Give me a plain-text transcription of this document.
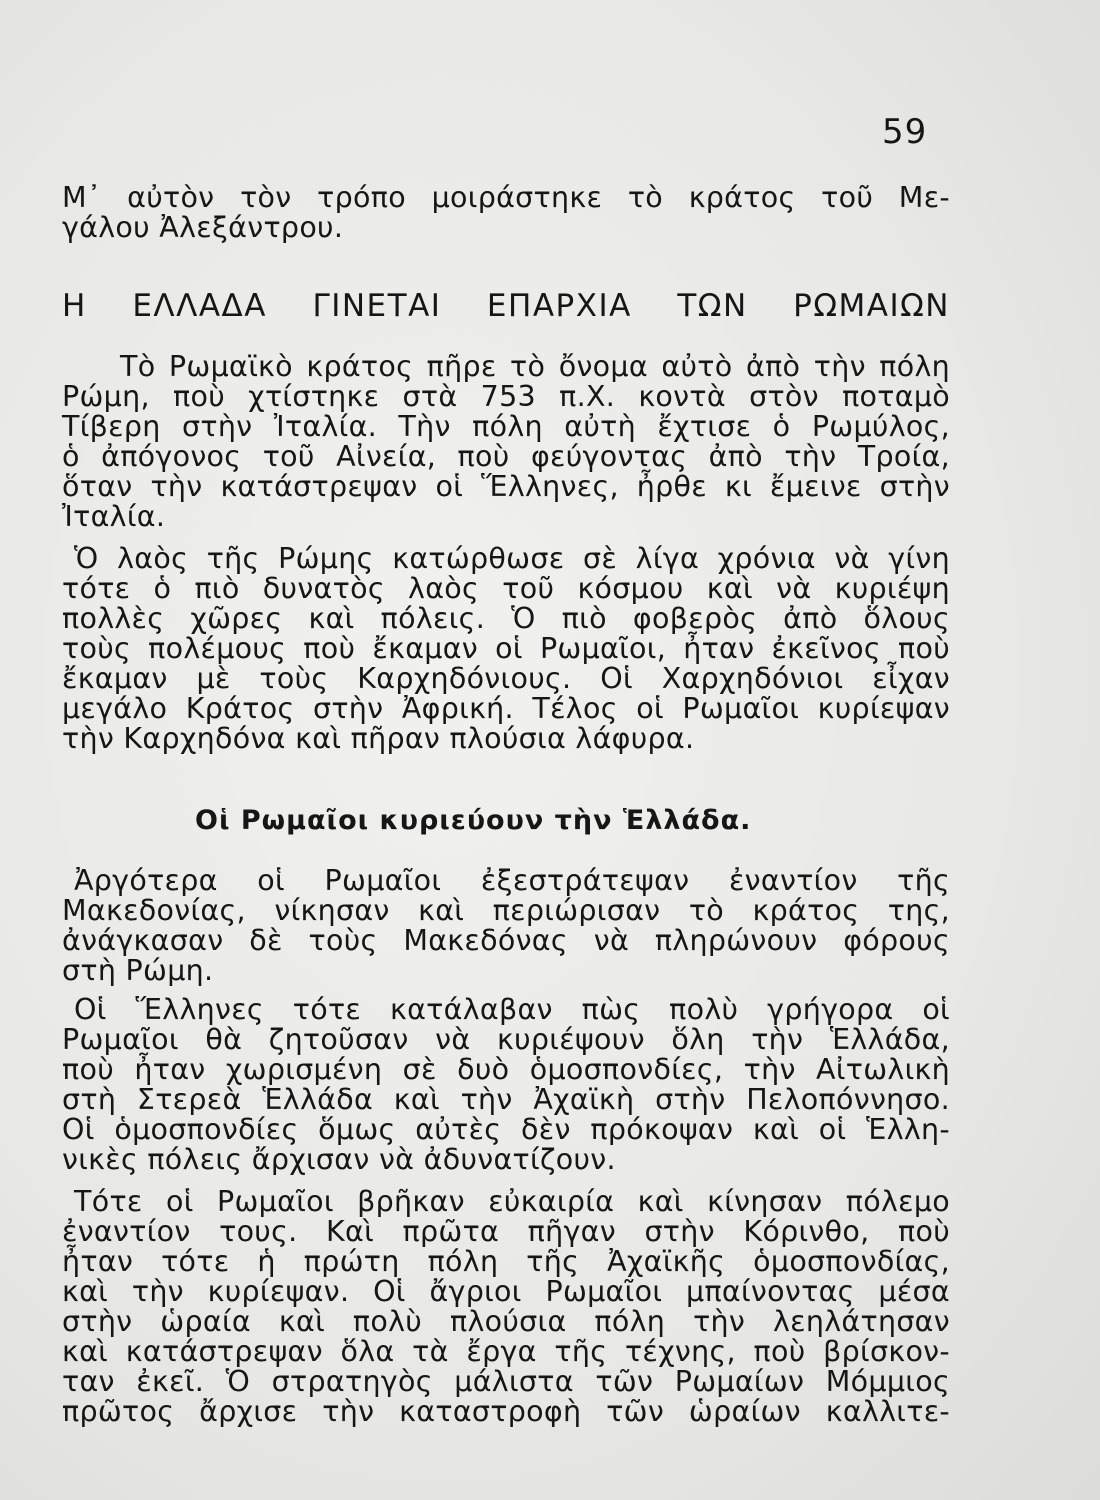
59
Μ᾽ αὐτὸν τὸν τρόπο μοιράστηκε τὸ κράτος τοῦ Με-
γάλου Ἀλεξάντρου.
Η ΕΛΛΑΔΑ ΓΙΝΕΤΑΙ ΕΠΑΡΧΙΑ ΤΩΝ ΡΩΜΑΙΩΝ
Τὸ Ρωμαϊκὸ κράτος πῆρε τὸ ὄνομα αὐτὸ ἀπὸ τὴν πόλη
Ρώμη, ποὺ χτίστηκε στὰ 753 π.Χ. κοντὰ στὸν ποταμὸ
Τίβερη στὴν Ἰταλία. Τὴν πόλη αὐτὴ ἔχτισε ὁ Ρωμύλος,
ὁ ἀπόγονος τοῦ Αἰνεία, ποὺ φεύγοντας ἀπὸ τὴν Τροία,
ὅταν τὴν κατάστρεψαν οἱ Ἕλληνες, ἦρθε κι ἔμεινε στὴν
Ἰταλία.
Ὁ λαὸς τῆς Ρώμης κατώρθωσε σὲ λίγα χρόνια νὰ γίνη
τότε ὁ πιὸ δυνατὸς λαὸς τοῦ κόσμου καὶ νὰ κυριέψη
πολλὲς χῶρες καὶ πόλεις. Ὁ πιὸ φοβερὸς ἀπὸ ὅλους
τοὺς πολέμους ποὺ ἔκαμαν οἱ Ρωμαῖοι, ἦταν ἐκεῖνος ποὺ
ἔκαμαν μὲ τοὺς Καρχηδόνιους. Οἱ Χαρχηδόνιοι εἶχαν
μεγάλο Κράτος στὴν Ἀφρική. Τέλος οἱ Ρωμαῖοι κυρίεψαν
τὴν Καρχηδόνα καὶ πῆραν πλούσια λάφυρα.
Οἱ Ρωμαῖοι κυριεύουν τὴν Ἑλλάδα.
Ἀργότερα οἱ Ρωμαῖοι ἐξεστράτεψαν ἐναντίον τῆς
Μακεδονίας, νίκησαν καὶ περιώρισαν τὸ κράτος της,
ἀνάγκασαν δὲ τοὺς Μακεδόνας νὰ πληρώνουν φόρους
στὴ Ρώμη.
Οἱ Ἕλληνες τότε κατάλαβαν πὼς πολὺ γρήγορα οἱ
Ρωμαῖοι θὰ ζητοῦσαν νὰ κυριέψουν ὅλη τὴν Ἑλλάδα,
ποὺ ἦταν χωρισμένη σὲ δυὸ ὁμοσπονδίες, τὴν Αἰτωλικὴ
στὴ Στερεὰ Ἑλλάδα καὶ τὴν Ἀχαϊκὴ στὴν Πελοπόννησο.
Οἱ ὁμοσπονδίες ὅμως αὐτὲς δὲν πρόκοψαν καὶ οἱ Ἑλλη-
νικὲς πόλεις ἄρχισαν νὰ ἀδυνατίζουν.
Τότε οἱ Ρωμαῖοι βρῆκαν εὐκαιρία καὶ κίνησαν πόλεμο
ἐναντίον τους. Καὶ πρῶτα πῆγαν στὴν Κόρινθο, ποὺ
ἦταν τότε ἡ πρώτη πόλη τῆς Ἀχαϊκῆς ὁμοσπονδίας,
καὶ τὴν κυρίεψαν. Οἱ ἄγριοι Ρωμαῖοι μπαίνοντας μέσα
στὴν ὡραία καὶ πολὺ πλούσια πόλη τὴν λεηλάτησαν
καὶ κατάστρεψαν ὅλα τὰ ἔργα τῆς τέχνης, ποὺ βρίσκον-
ταν ἐκεῖ. Ὁ στρατηγὸς μάλιστα τῶν Ρωμαίων Μόμμιος
πρῶτος ἄρχισε τὴν καταστροφὴ τῶν ὡραίων καλλιτε-
